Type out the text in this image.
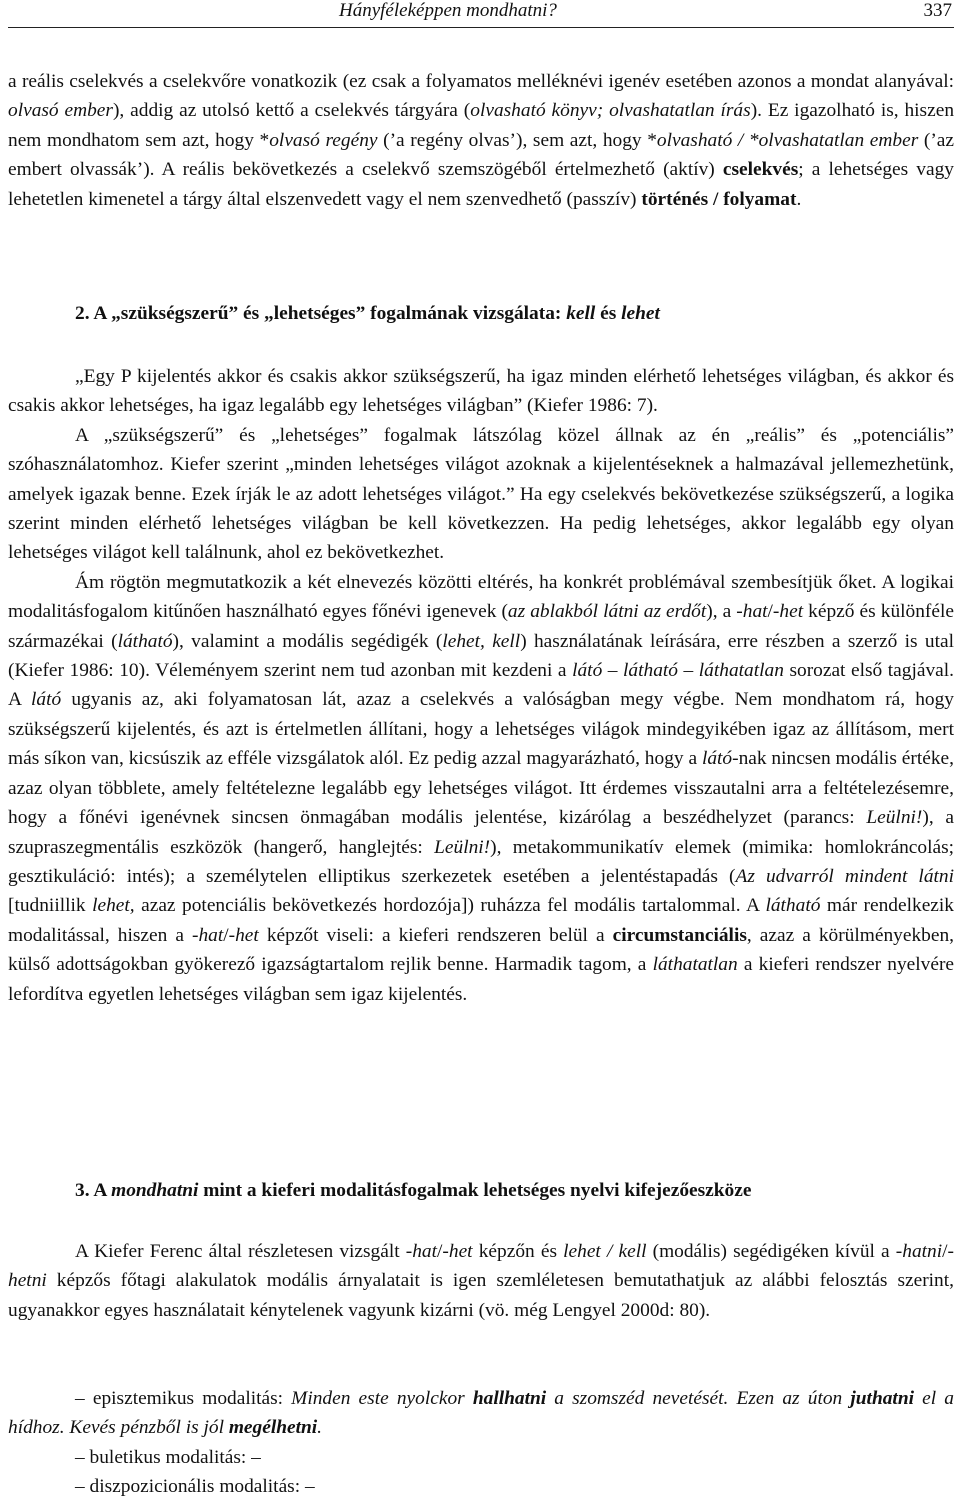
Hányféleképpen mondhatni?	337

a reális cselekvés a cselekvőre vonatkozik (ez csak a folyamatos melléknévi igenév esetében azonos a mondat alanyával: olvasó ember), addig az utolsó kettő a cselekvés tárgyára (olvasható könyv; olvashatatlan írás). Ez igazolható is, hiszen nem mondhatom sem azt, hogy *olvasó regény (’a regény olvas’), sem azt, hogy *olvasható / *olvashatatlan ember (’az embert olvassák’). A reális bekövetkezés a cselekvő szemszögéből értelmezhető (aktív) cselekvés; a lehetséges vagy lehetetlen kimenetel a tárgy által elszenvedett vagy el nem szenvedhető (passzív) történés / folyamat.

2. A „szükségszerű” és „lehetséges” fogalmának vizsgálata: kell és lehet

„Egy P kijelentés akkor és csakis akkor szükségszerű, ha igaz minden elérhető lehetséges világban, és akkor és csakis akkor lehetséges, ha igaz legalább egy lehetséges világban” (Kiefer 1986: 7).

A „szükségszerű” és „lehetséges” fogalmak látszólag közel állnak az én „reális” és „potenciális” szóhasználatomhoz. Kiefer szerint „minden lehetséges világot azoknak a kijelentéseknek a halmazával jellemezhetünk, amelyek igazak benne. Ezek írják le az adott lehetséges világot.” Ha egy cselekvés bekövetkezése szükségszerű, a logika szerint minden elérhető lehetséges világban be kell következzen. Ha pedig lehetséges, akkor legalább egy olyan lehetséges világot kell találnunk, ahol ez bekövetkezhet.

Ám rögtön megmutatkozik a két elnevezés közötti eltérés, ha konkrét problémával szembesítjük őket. A logikai modalitásfogalom kitűnően használható egyes főnévi igenevek (az ablakból látni az erdőt), a -hat/-het képző és különféle származékai (látható), valamint a modális segédigék (lehet, kell) használatának leírására, erre részben a szerző is utal (Kiefer 1986: 10). Véleményem szerint nem tud azonban mit kezdeni a látó – látható – láthatatlan sorozat első tagjával. A látó ugyanis az, aki folyamatosan lát, azaz a cselekvés a valóságban megy végbe. Nem mondhatom rá, hogy szükségszerű kijelentés, és azt is értelmetlen állítani, hogy a lehetséges világok mindegyikében igaz az állításom, mert más síkon van, kicsúszik az efféle vizsgálatok alól. Ez pedig azzal magyarázható, hogy a látó-nak nincsen modális értéke, azaz olyan többlete, amely feltételezne legalább egy lehetséges világot. Itt érdemes visszautalni arra a feltételezésemre, hogy a főnévi igenévnek sincsen önmagában modális jelentése, kizárólag a beszédhelyzet (parancs: Leülni!), a szupraszegmentális eszközök (hangerő, hanglejtés: Leülni!), metakommunikatív elemek (mimika: homlokráncolás; gesztikuláció: intés); a személytelen elliptikus szerkezetek esetében a jelentéstapadás (Az udvarról mindent látni [tudniillik lehet, azaz potenciális bekövetkezés hordozója]) ruházza fel modális tartalommal. A látható már rendelkezik modalitással, hiszen a -hat/-het képzőt viseli: a kieferi rendszeren belül a circumstanciális, azaz a körülményekben, külső adottságokban gyökerező igazságtartalom rejlik benne. Harmadik tagom, a láthatatlan a kieferi rendszer nyelvére lefordítva egyetlen lehetséges világban sem igaz kijelentés.

3. A mondhatni mint a kieferi modalitásfogalmak lehetséges nyelvi kifejezőeszköze

A Kiefer Ferenc által részletesen vizsgált -hat/-het képzőn és lehet / kell (modális) segédigéken kívül a -hatni/-hetni képzős főtagi alakulatok modális árnyalatait is igen szemléletesen bemutathatjuk az alábbi felosztás szerint, ugyanakkor egyes használatait kénytelenek vagyunk kizárni (vö. még Lengyel 2000d: 80).

– episztemikus modalitás: Minden este nyolckor hallhatni a szomszéd nevetését. Ezen az úton juthatni el a hídhoz. Kevés pénzből is jól megélhetni.

– buletikus modalitás: –

– diszpozicionális modalitás: –
